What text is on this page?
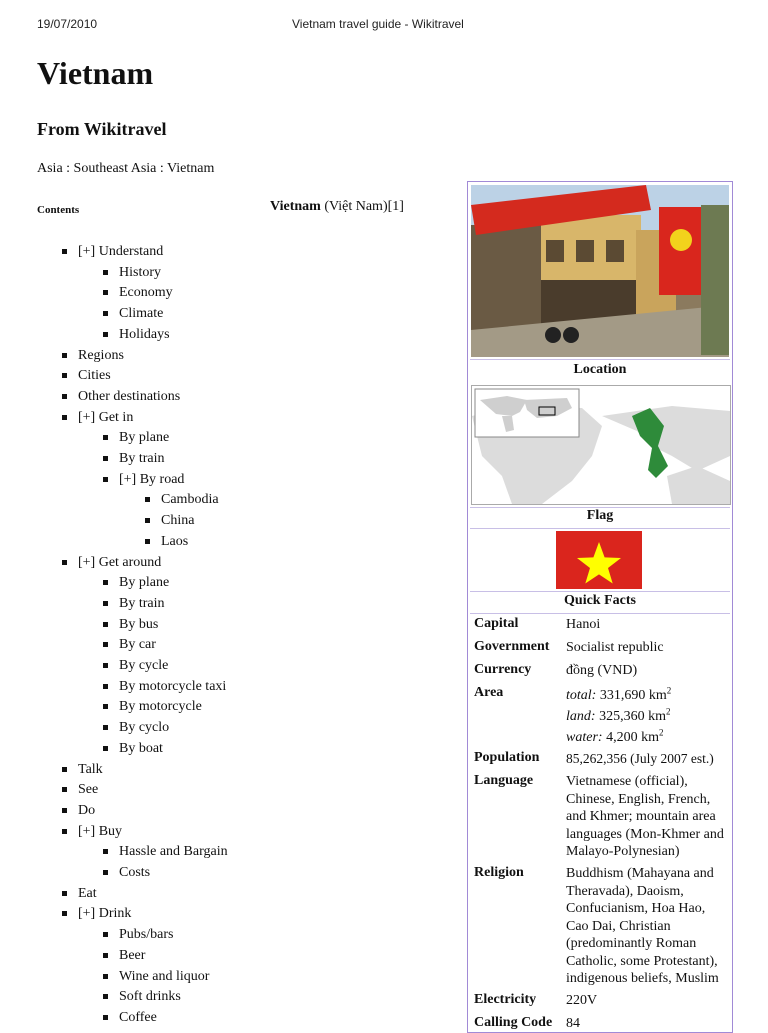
19/07/2010	Vietnam travel guide - Wikitravel
Vietnam
From Wikitravel
Asia : Southeast Asia : Vietnam
Contents	Vietnam (Việt Nam)[1]
[+] Understand
History
Economy
Climate
Holidays
Regions
Cities
Other destinations
[+] Get in
By plane
By train
[+] By road
Cambodia
China
Laos
[+] Get around
By plane
By train
By bus
By car
By cycle
By motorcycle taxi
By motorcycle
By cyclo
By boat
Talk
See
Do
[+] Buy
Hassle and Bargain
Costs
Eat
[+] Drink
Pubs/bars
Beer
Wine and liquor
Soft drinks
Coffee
Location
Flag
Quick Facts
Capital	Hanoi
Government Socialist republic
Currency đồng (VND)
Area	total: 331,690 $km^2$
land: 325,360 $km^2$
water: 4,200 $km^2$
Population 85,262,356 (July 2007 est.)
Language Vietnamese (official), Chinese, English, French, and Khmer; mountain area languages (Mon-Khmer and Malayo-Polynesian)
Religion	Buddhism (Mahayana and Theravada), Daoism, Confucianism, Hoa Hao, Cao Dai, Christian (predominantly Roman Catholic, some Protestant), indigenous beliefs, Muslim
Electricity 220V
Calling Code 84
